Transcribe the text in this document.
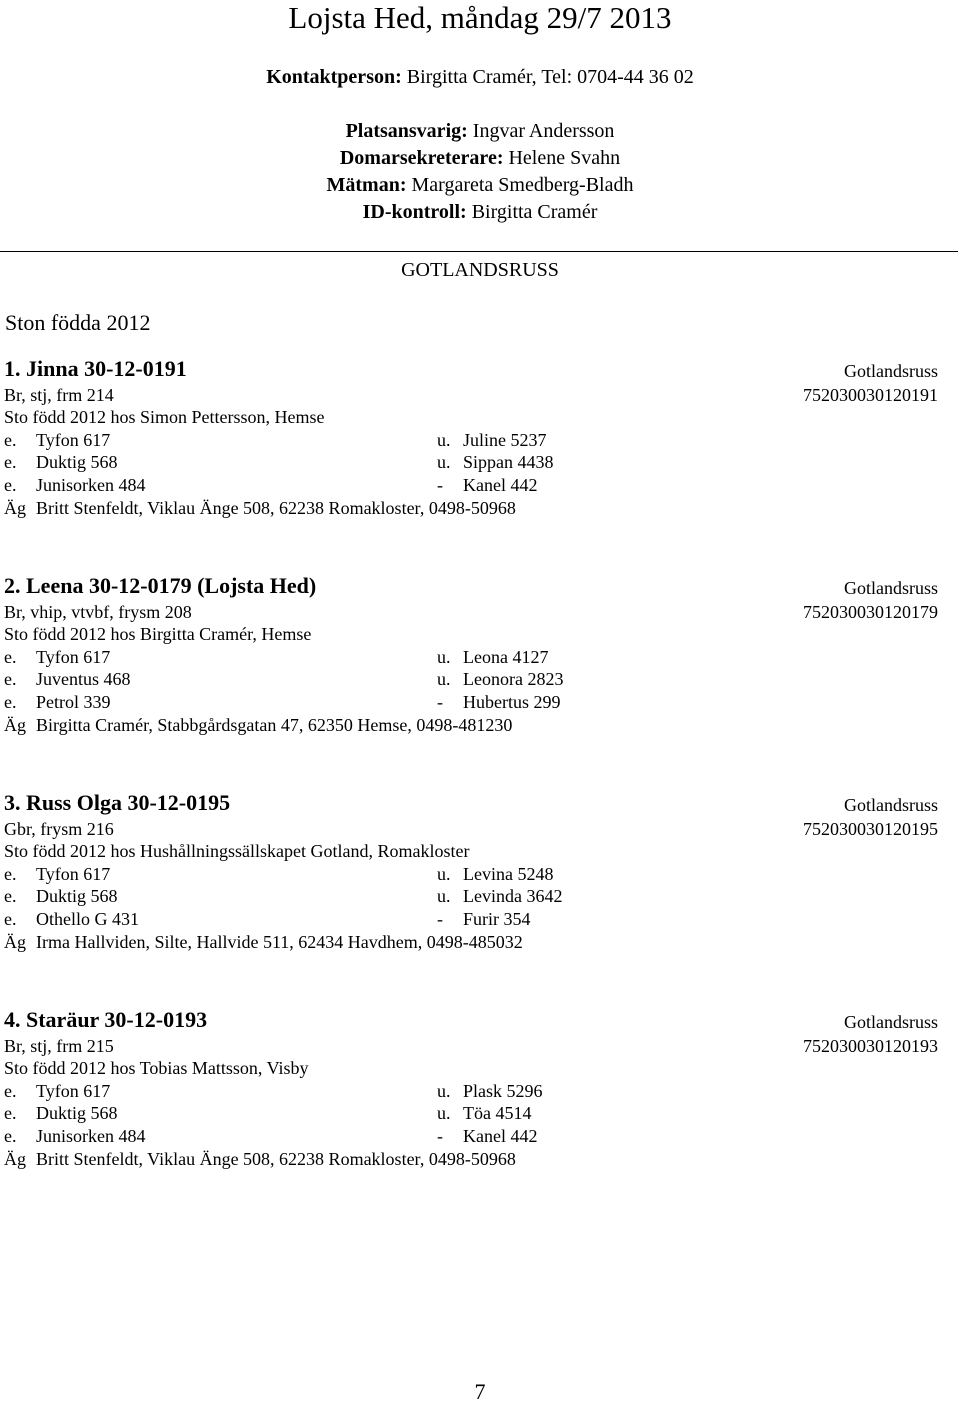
Lojsta Hed, måndag 29/7 2013
Kontaktperson: Birgitta Cramér, Tel: 0704-44 36 02
Platsansvarig: Ingvar Andersson
Domarsekreterare: Helene Svahn
Mätman: Margareta Smedberg-Bladh
ID-kontroll: Birgitta Cramér
GOTLANDSRUSS
Ston födda 2012
1. Jinna 30-12-0191	Gotlandsruss
Br, stj, frm 214	752030030120191
Sto född 2012 hos Simon Pettersson, Hemse
e. Tyfon 617	u. Juline 5237
e. Duktig 568	u. Sippan 4438
e. Junisorken 484	- Kanel 442
Äg Britt Stenfeldt, Viklau Änge 508, 62238 Romakloster, 0498-50968
2. Leena 30-12-0179 (Lojsta Hed)	Gotlandsruss
Br, vhip, vtvbf, frysm 208	752030030120179
Sto född 2012 hos Birgitta Cramér, Hemse
e. Tyfon 617	u. Leona 4127
e. Juventus 468	u. Leonora 2823
e. Petrol 339	- Hubertus 299
Äg Birgitta Cramér, Stabbgårdsgatan 47, 62350 Hemse, 0498-481230
3. Russ Olga 30-12-0195	Gotlandsruss
Gbr, frysm 216	752030030120195
Sto född 2012 hos Hushållningssällskapet Gotland, Romakloster
e. Tyfon 617	u. Levina 5248
e. Duktig 568	u. Levinda 3642
e. Othello G 431	- Furir 354
Äg Irma Hallviden, Silte, Hallvide 511, 62434 Havdhem, 0498-485032
4. Staräur 30-12-0193	Gotlandsruss
Br, stj, frm 215	752030030120193
Sto född 2012 hos Tobias Mattsson, Visby
e. Tyfon 617	u. Plask 5296
e. Duktig 568	u. Töa 4514
e. Junisorken 484	- Kanel 442
Äg Britt Stenfeldt, Viklau Änge 508, 62238 Romakloster, 0498-50968
7
